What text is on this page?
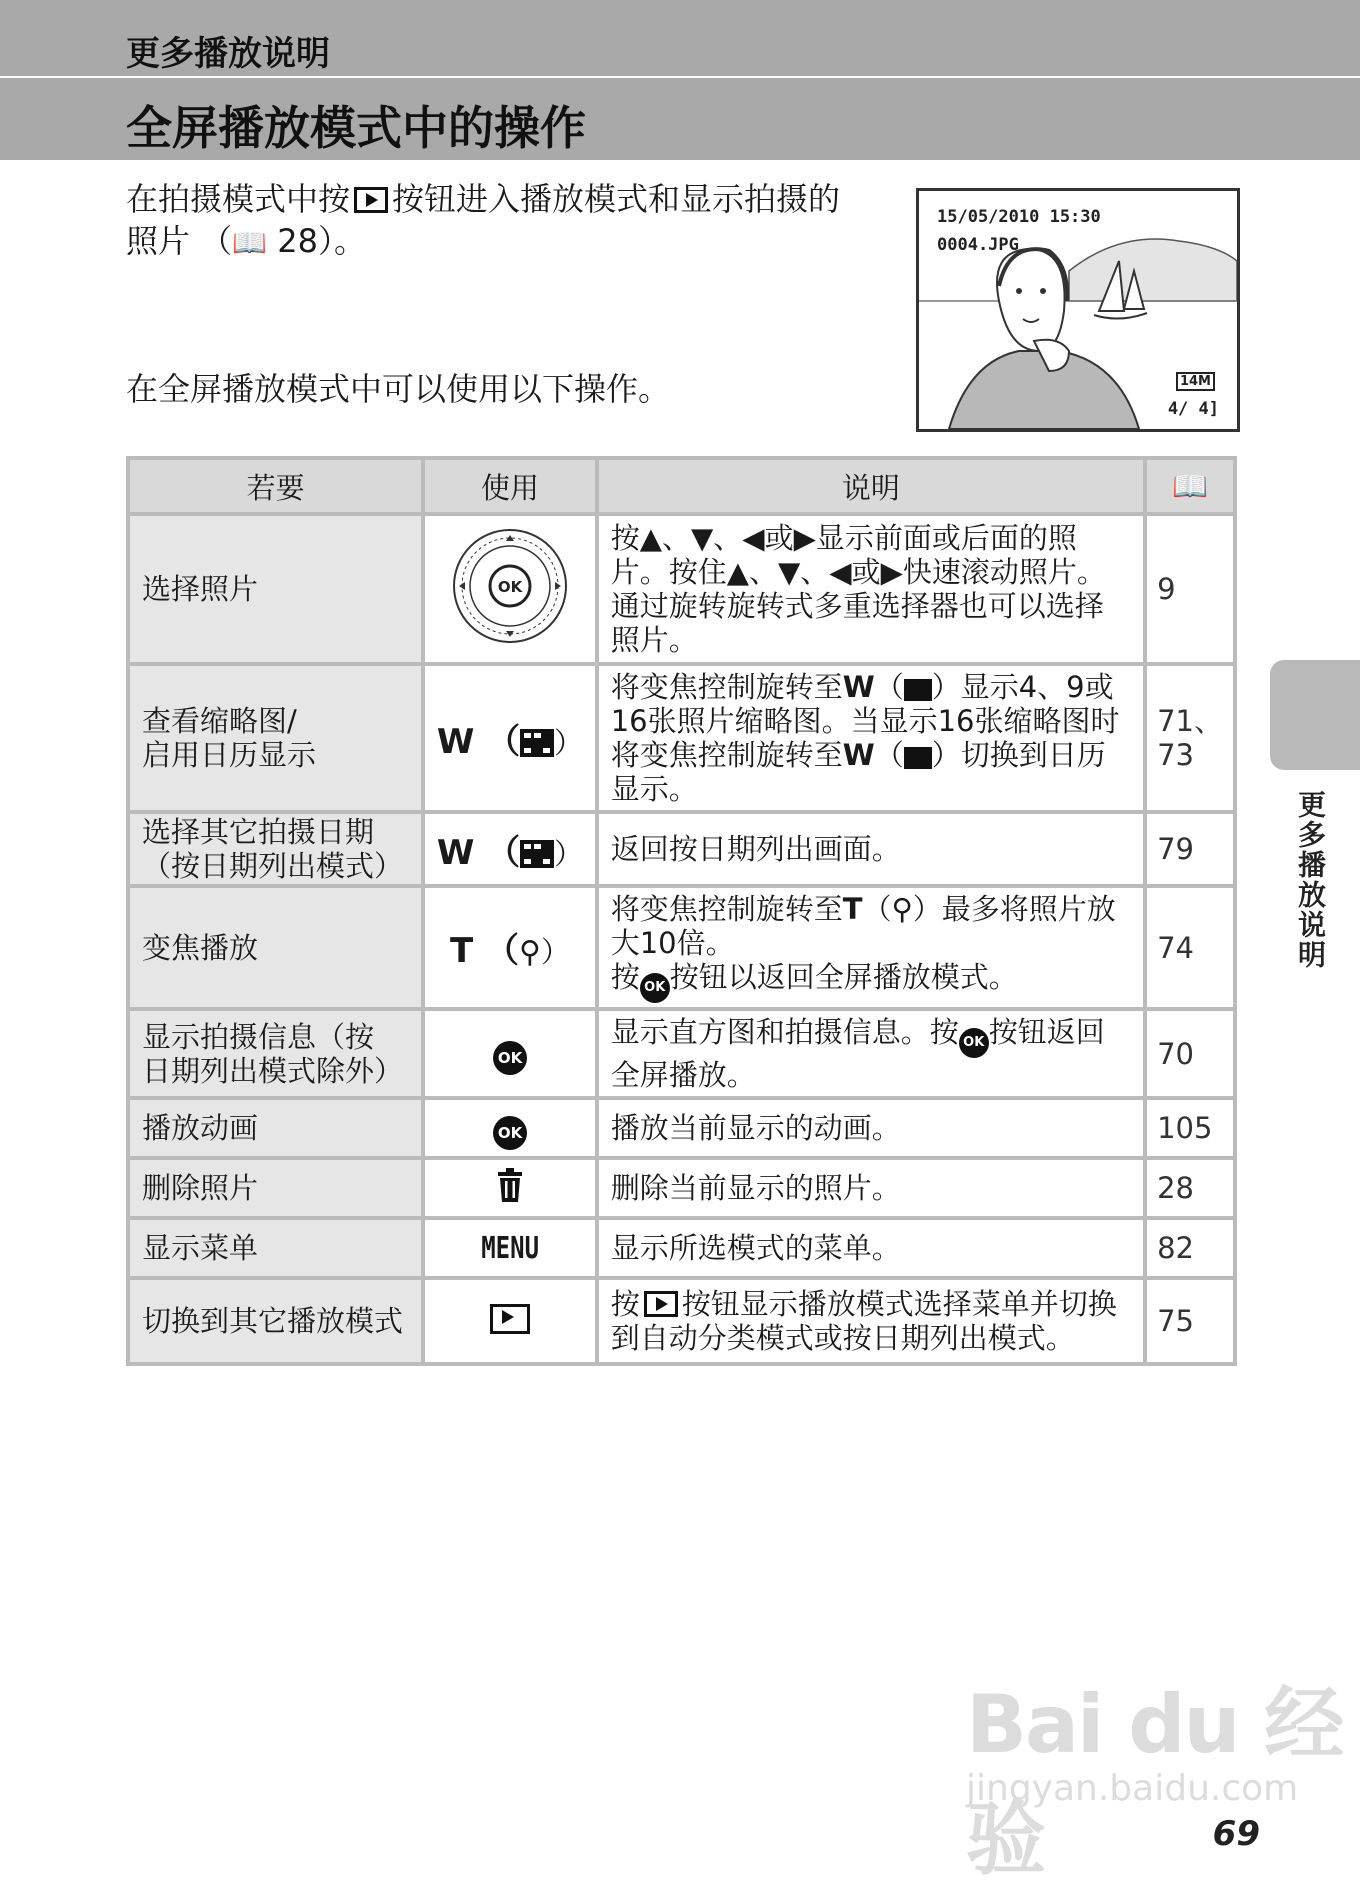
更多播放说明
全屏播放模式中的操作
在拍摄模式中按 按钮进入播放模式和显示拍摄的
照片 （📖 28）。
在全屏播放模式中可以使用以下操作。
15/05/2010 15:30
0004.JPG
14M
4/ 4]
若要	使用	说明	📖
选择照片	OK	按▲、▼、◀或▶显示前面或后面的照片。按住▲、▼、◀或▶快速滚动照片。通过旋转旋转式多重选择器也可以选择照片。	9
查看缩略图/
启用日历显示	W （ ）	将变焦控制旋转至W（ ）显示4、9或16张照片缩略图。当显示16张缩略图时将变焦控制旋转至W（ ）切换到日历显示。	71、
73
选择其它拍摄日期
（按日期列出模式）	W （ ）	返回按日期列出画面。	79
变焦播放	T （⚲）	将变焦控制旋转至T（⚲）最多将照片放大10倍。
按 OK 按钮以返回全屏播放模式。	74
显示拍摄信息（按
日期列出模式除外）	OK	显示直方图和拍摄信息。按 OK 按钮返回全屏播放。	70
播放动画	OK	播放当前显示的动画。	105
删除照片		删除当前显示的照片。	28
显示菜单	MENU	显示所选模式的菜单。	82
切换到其它播放模式		按 按钮显示播放模式选择菜单并切换到自动分类模式或按日期列出模式。	75
更多播放说明
Bai du 经验
jingyan.baidu.com
69
